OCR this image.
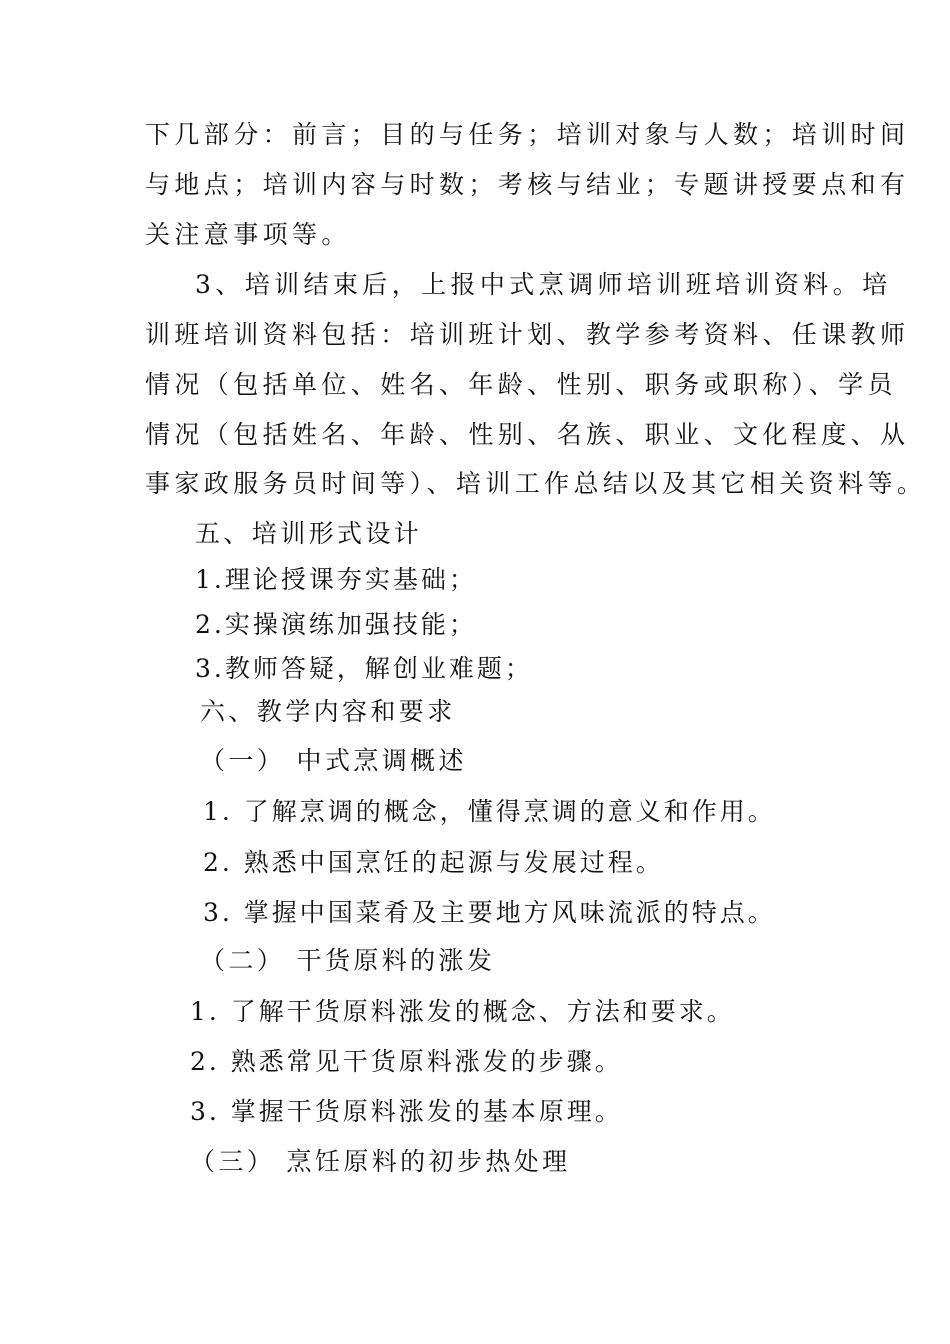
下几部分：前言；目的与任务；培训对象与人数；培训时间
与地点；培训内容与时数；考核与结业；专题讲授要点和有
关注意事项等。
3、培训结束后，上报中式烹调师培训班培训资料。培
训班培训资料包括：培训班计划、教学参考资料、任课教师
情况（包括单位、姓名、年龄、性别、职务或职称）、学员
情况（包括姓名、年龄、性别、名族、职业、文化程度、从
事家政服务员时间等）、培训工作总结以及其它相关资料等。
五、培训形式设计
1.理论授课夯实基础；
2.实操演练加强技能；
3.教师答疑，解创业难题；
六、教学内容和要求
（一） 中式烹调概述
1. 了解烹调的概念，懂得烹调的意义和作用。
2. 熟悉中国烹饪的起源与发展过程。
3. 掌握中国菜肴及主要地方风味流派的特点。
（二） 干货原料的涨发
1. 了解干货原料涨发的概念、方法和要求。
2. 熟悉常见干货原料涨发的步骤。
3. 掌握干货原料涨发的基本原理。
（三） 烹饪原料的初步热处理
